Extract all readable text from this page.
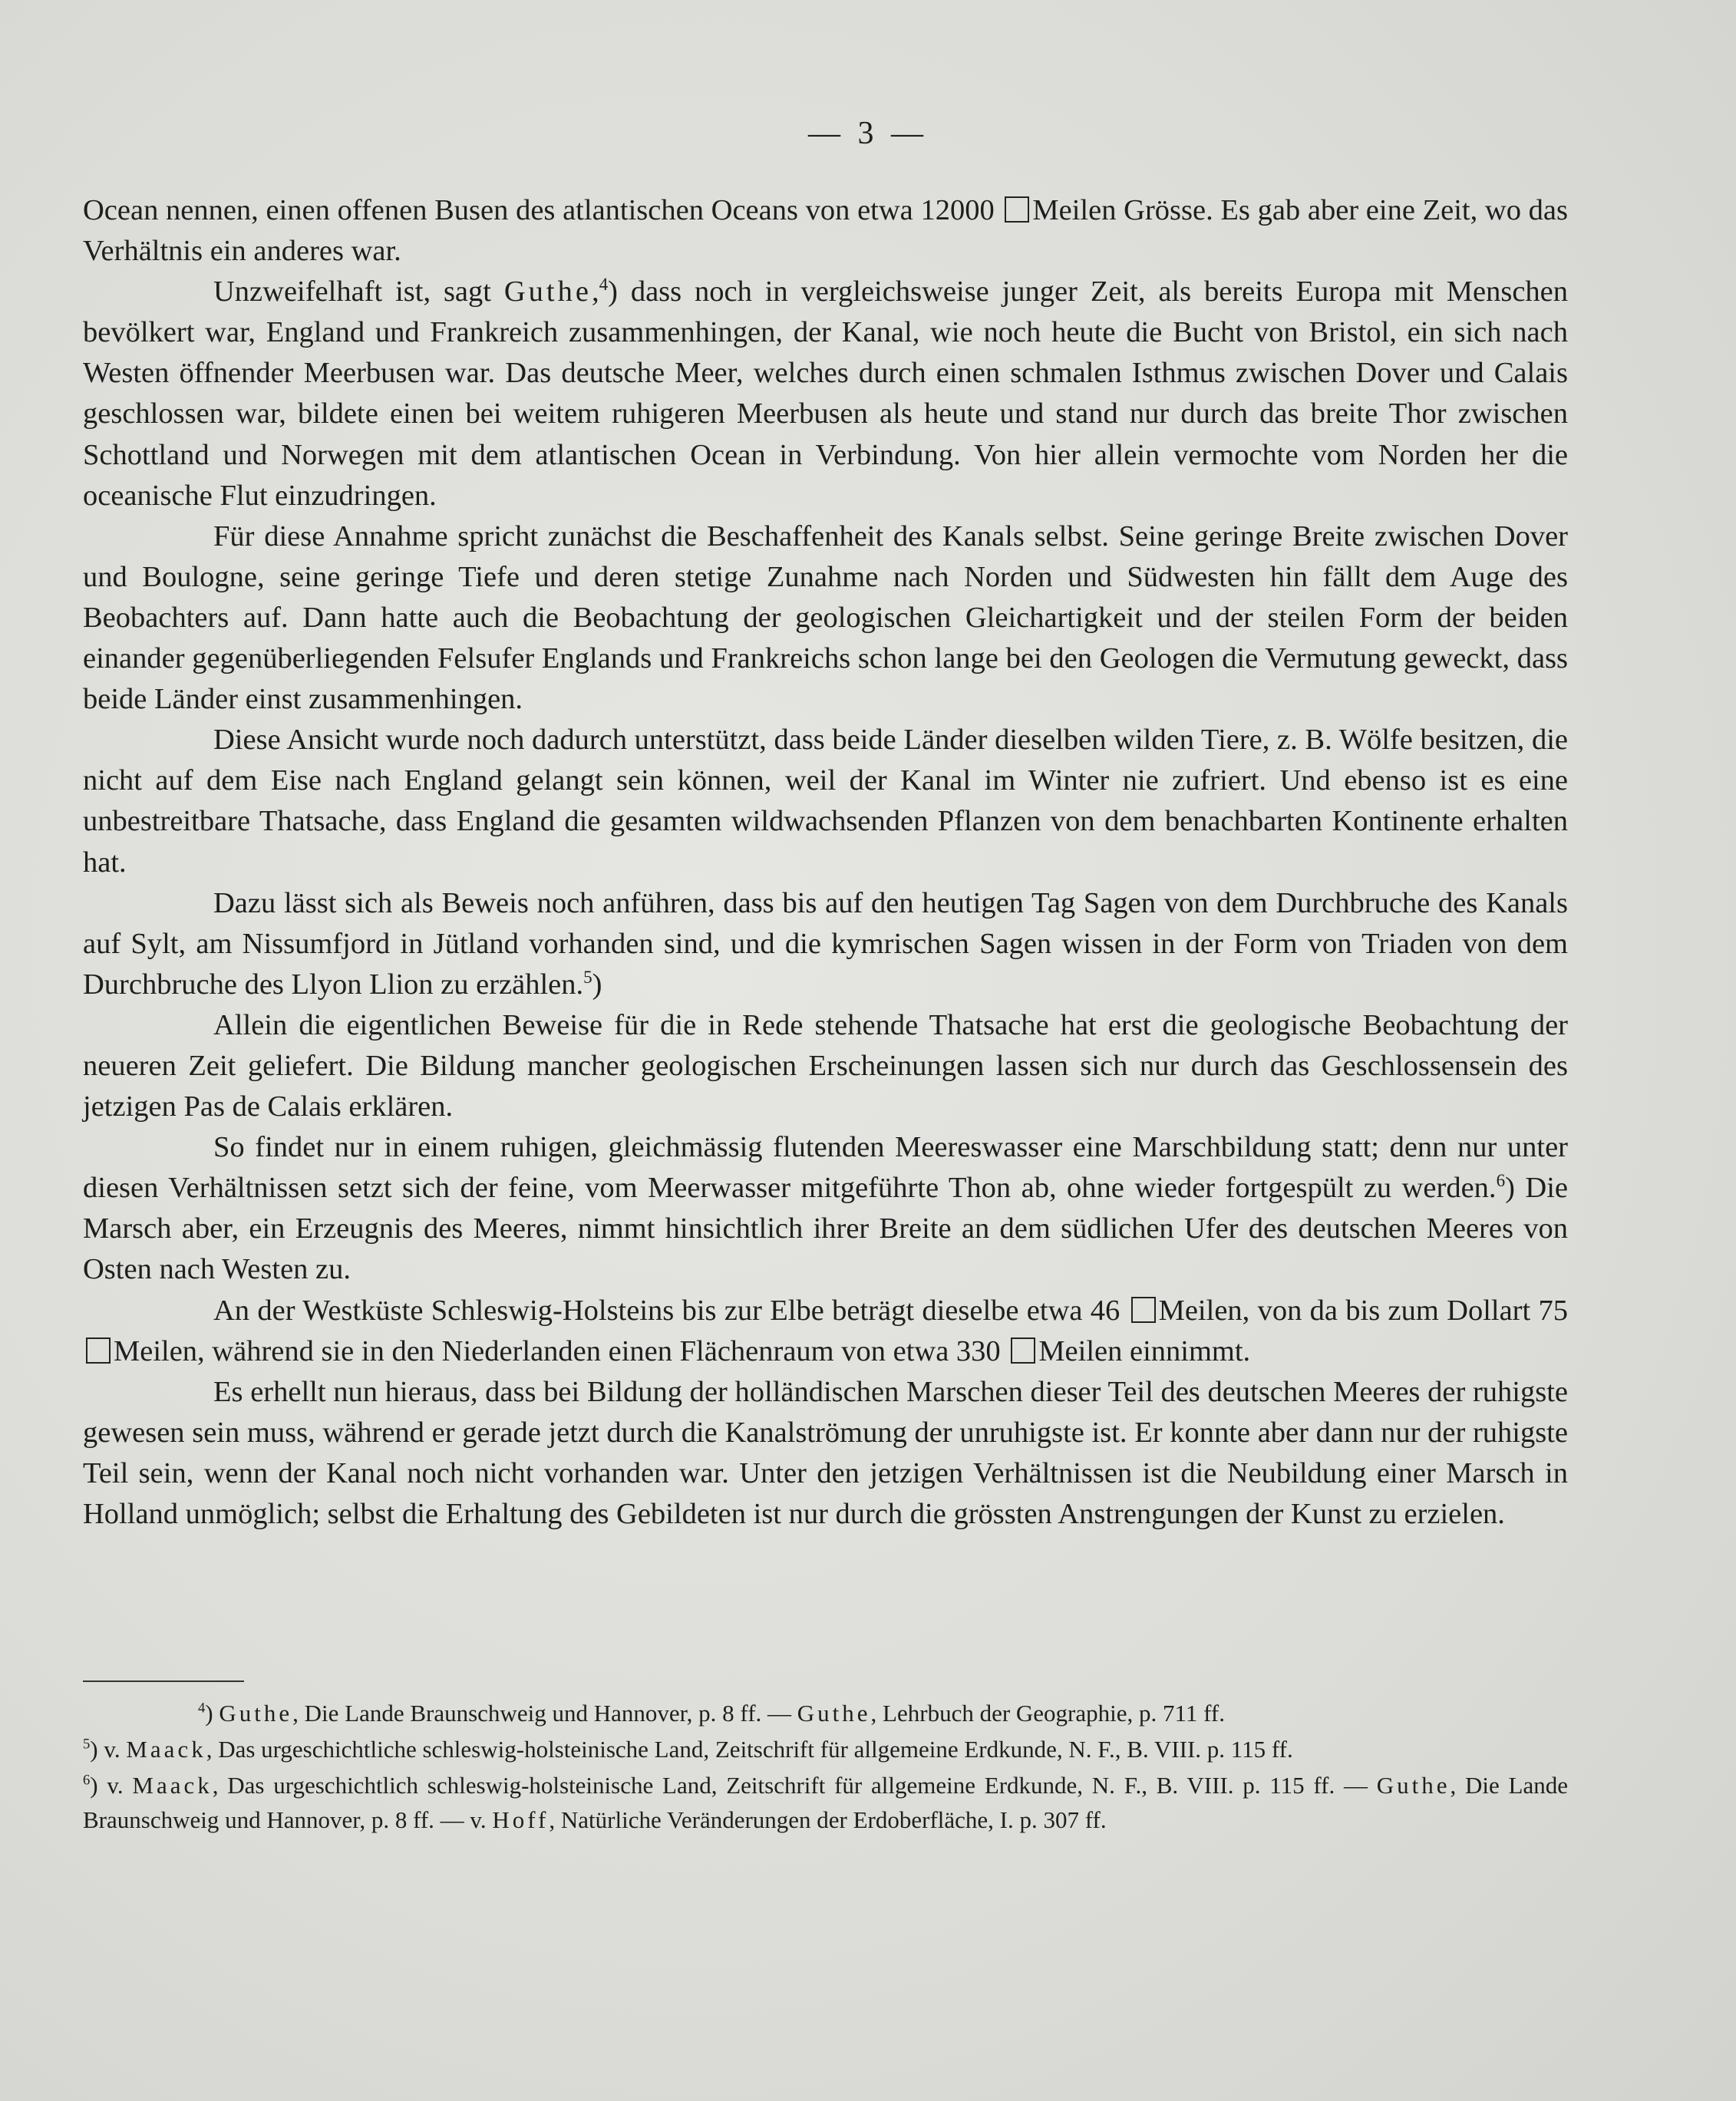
— 3 —

Ocean nennen, einen offenen Busen des atlantischen Oceans von etwa 12000 Meilen Grösse. Es gab aber eine Zeit, wo das Verhältnis ein anderes war.

Unzweifelhaft ist, sagt Guthe,$^4$) dass noch in vergleichsweise junger Zeit, als bereits Europa mit Menschen bevölkert war, England und Frankreich zusammenhingen, der Kanal, wie noch heute die Bucht von Bristol, ein sich nach Westen öffnender Meerbusen war. Das deutsche Meer, welches durch einen schmalen Isthmus zwischen Dover und Calais geschlossen war, bildete einen bei weitem ruhigeren Meerbusen als heute und stand nur durch das breite Thor zwischen Schottland und Norwegen mit dem atlantischen Ocean in Verbindung. Von hier allein vermochte vom Norden her die oceanische Flut einzudringen.

Für diese Annahme spricht zunächst die Beschaffenheit des Kanals selbst. Seine geringe Breite zwischen Dover und Boulogne, seine geringe Tiefe und deren stetige Zunahme nach Norden und Südwesten hin fällt dem Auge des Beobachters auf. Dann hatte auch die Beobachtung der geologischen Gleichartigkeit und der steilen Form der beiden einander gegenüberliegenden Felsufer Englands und Frankreichs schon lange bei den Geologen die Vermutung geweckt, dass beide Länder einst zusammenhingen.

Diese Ansicht wurde noch dadurch unterstützt, dass beide Länder dieselben wilden Tiere, z. B. Wölfe besitzen, die nicht auf dem Eise nach England gelangt sein können, weil der Kanal im Winter nie zufriert. Und ebenso ist es eine unbestreitbare Thatsache, dass England die gesamten wildwachsenden Pflanzen von dem benachbarten Kontinente erhalten hat.

Dazu lässt sich als Beweis noch anführen, dass bis auf den heutigen Tag Sagen von dem Durchbruche des Kanals auf Sylt, am Nissumfjord in Jütland vorhanden sind, und die kymrischen Sagen wissen in der Form von Triaden von dem Durchbruche des Llyon Llion zu erzählen.$^5$)

Allein die eigentlichen Beweise für die in Rede stehende Thatsache hat erst die geologische Beobachtung der neueren Zeit geliefert. Die Bildung mancher geologischen Erscheinungen lassen sich nur durch das Geschlossensein des jetzigen Pas de Calais erklären.

So findet nur in einem ruhigen, gleichmässig flutenden Meereswasser eine Marschbildung statt; denn nur unter diesen Verhältnissen setzt sich der feine, vom Meerwasser mitgeführte Thon ab, ohne wieder fortgespült zu werden.$^6$) Die Marsch aber, ein Erzeugnis des Meeres, nimmt hinsichtlich ihrer Breite an dem südlichen Ufer des deutschen Meeres von Osten nach Westen zu.

An der Westküste Schleswig-Holsteins bis zur Elbe beträgt dieselbe etwa 46 Meilen, von da bis zum Dollart 75 Meilen, während sie in den Niederlanden einen Flächenraum von etwa 330 Meilen einnimmt.

Es erhellt nun hieraus, dass bei Bildung der holländischen Marschen dieser Teil des deutschen Meeres der ruhigste gewesen sein muss, während er gerade jetzt durch die Kanalströmung der unruhigste ist. Er konnte aber dann nur der ruhigste Teil sein, wenn der Kanal noch nicht vorhanden war. Unter den jetzigen Verhältnissen ist die Neubildung einer Marsch in Holland unmöglich; selbst die Erhaltung des Gebildeten ist nur durch die grössten Anstrengungen der Kunst zu erzielen.

$^4$) Guthe, Die Lande Braunschweig und Hannover, p. 8 ff. — Guthe, Lehrbuch der Geographie, p. 711 ff.

$^5$) v. Maack, Das urgeschichtliche schleswig-holsteinische Land, Zeitschrift für allgemeine Erdkunde, N. F., B. VIII. p. 115 ff.

$^6$) v. Maack, Das urgeschichtlich schleswig-holsteinische Land, Zeitschrift für allgemeine Erdkunde, N. F., B. VIII. p. 115 ff. — Guthe, Die Lande Braunschweig und Hannover, p. 8 ff. — v. Hoff, Natürliche Veränderungen der Erdoberfläche, I. p. 307 ff.
